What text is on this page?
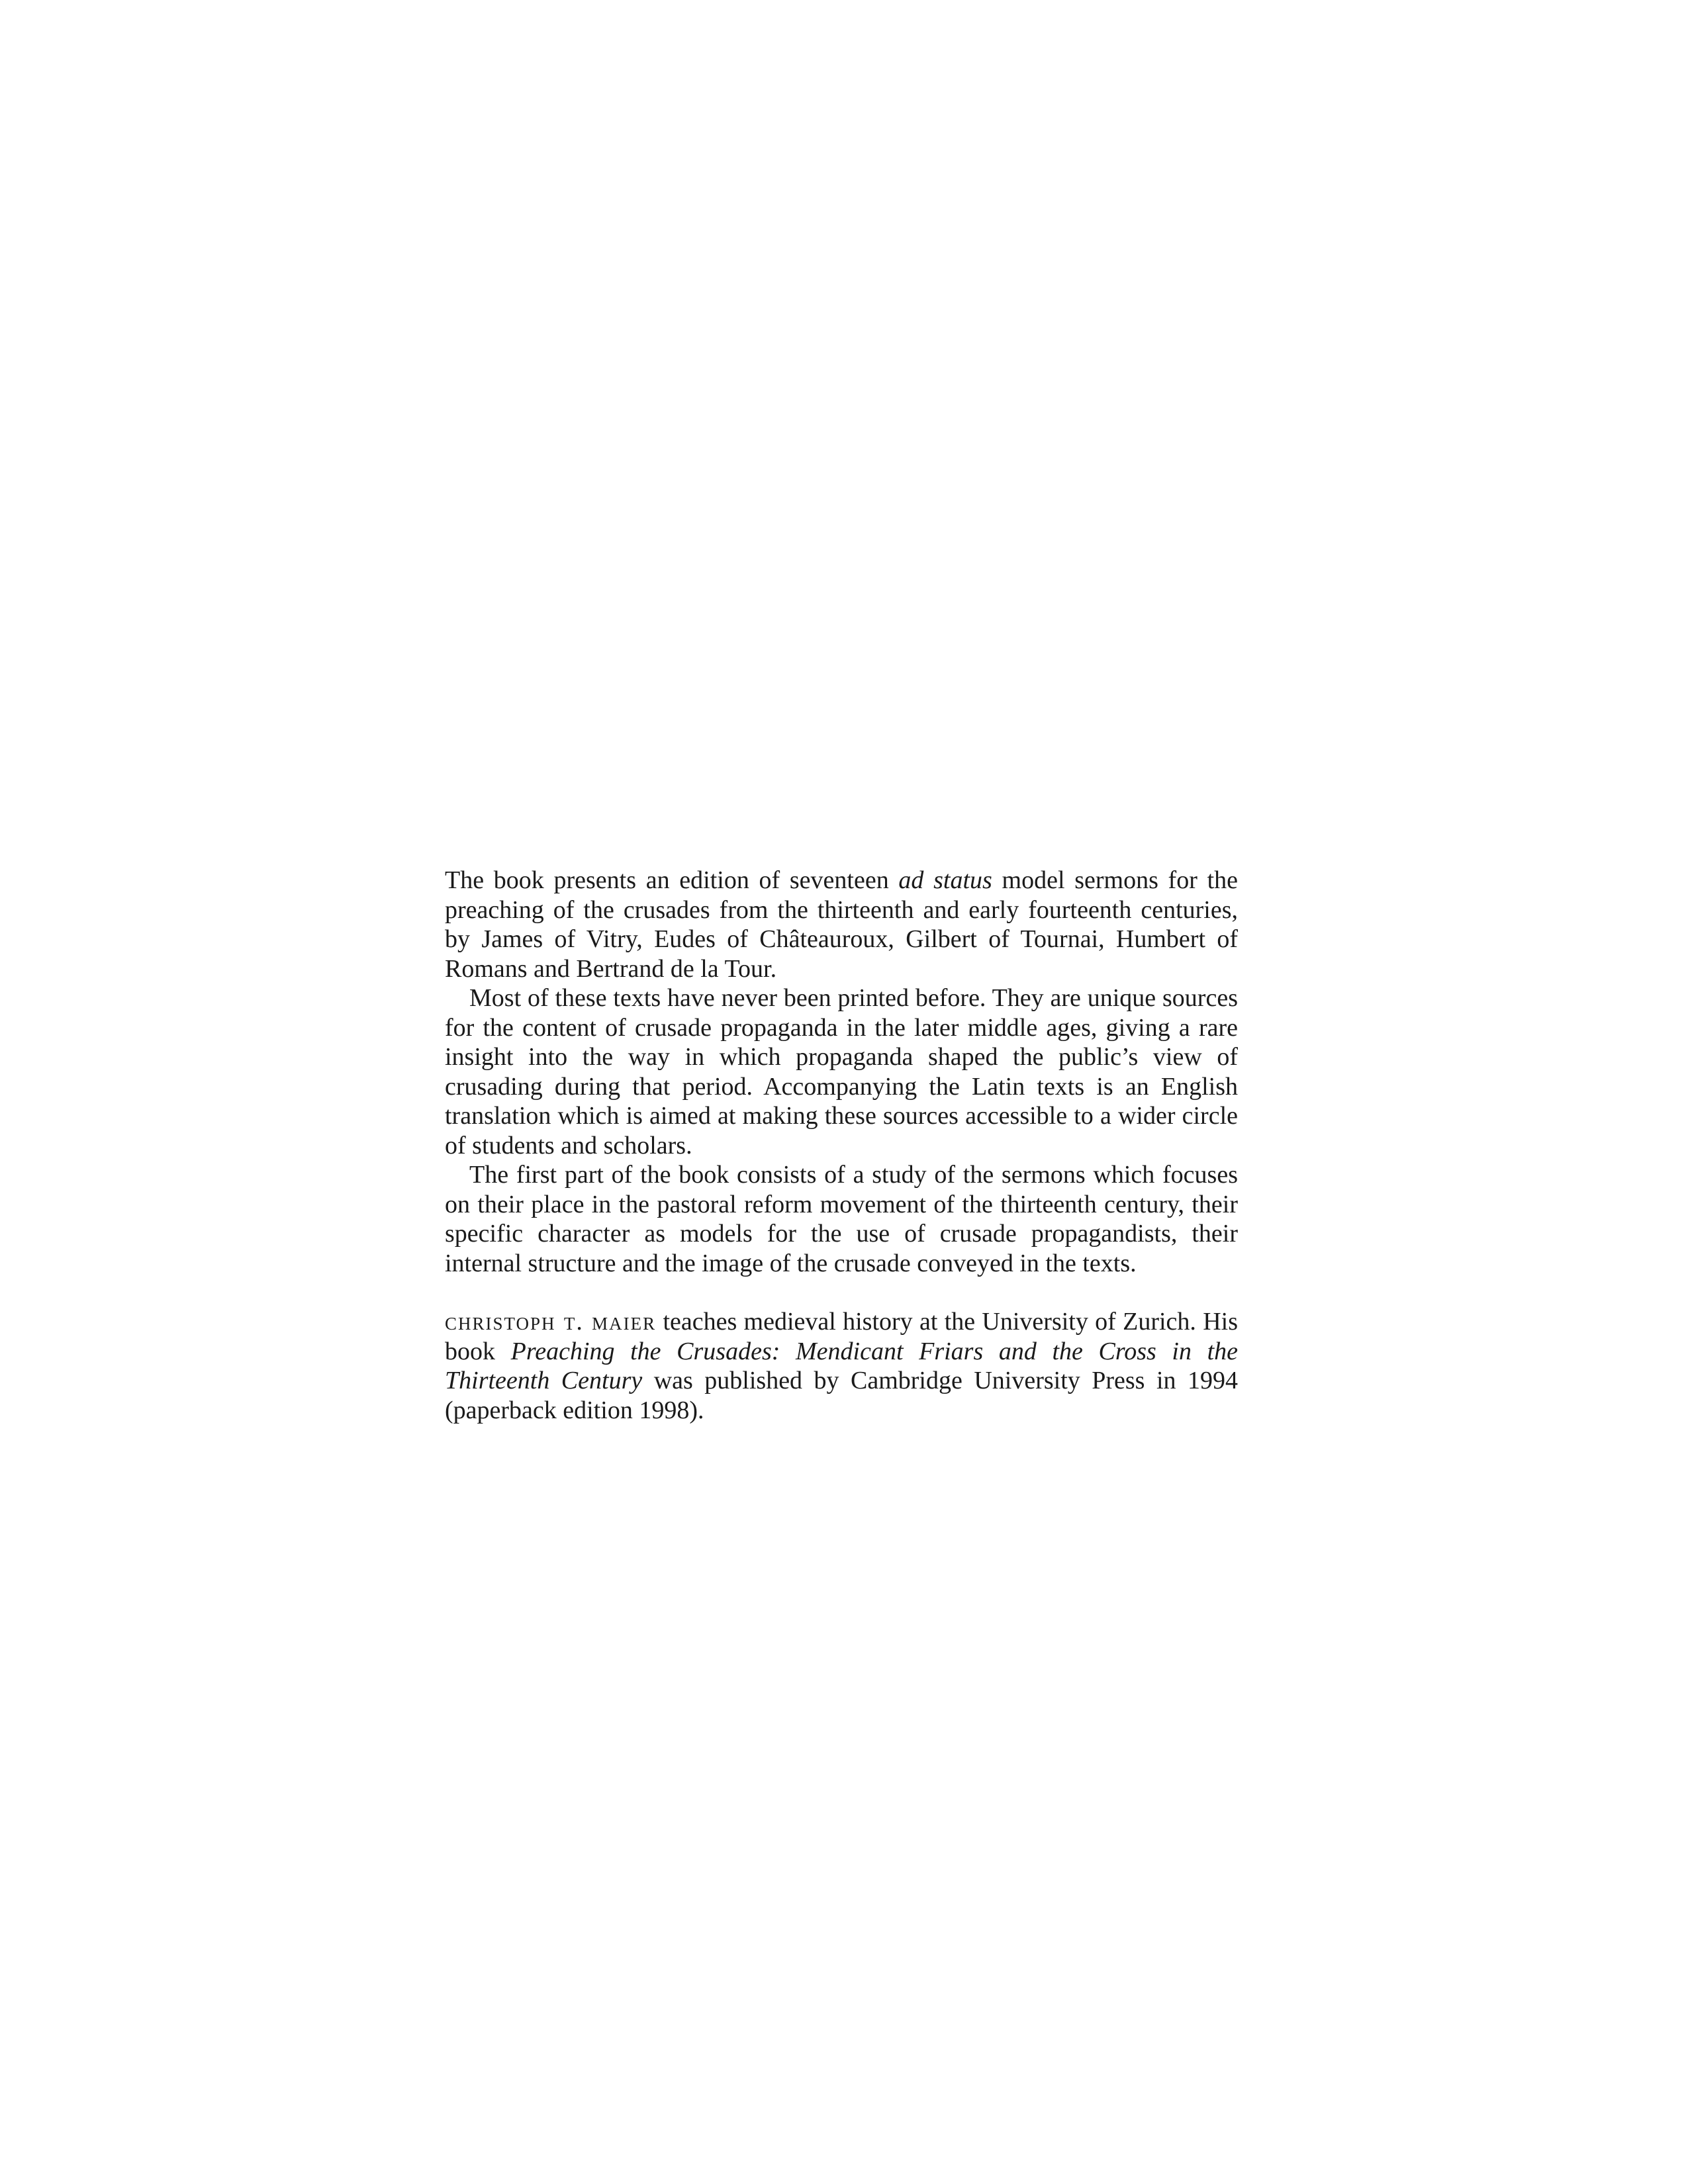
The book presents an edition of seventeen ad status model sermons for the preaching of the crusades from the thirteenth and early fourteenth centuries, by James of Vitry, Eudes of Châteauroux, Gilbert of Tournai, Humbert of Romans and Bertrand de la Tour.

Most of these texts have never been printed before. They are unique sources for the content of crusade propaganda in the later middle ages, giving a rare insight into the way in which propaganda shaped the public’s view of crusading during that period. Accompanying the Latin texts is an English translation which is aimed at making these sources accessible to a wider circle of students and scholars.

The first part of the book consists of a study of the sermons which focuses on their place in the pastoral reform movement of the thirteenth century, their specific character as models for the use of crusade propagandists, their internal structure and the image of the crusade conveyed in the texts.

christoph t. maier teaches medieval history at the University of Zurich. His book Preaching the Crusades: Mendicant Friars and the Cross in the Thirteenth Century was published by Cambridge University Press in 1994 (paperback edition 1998).
